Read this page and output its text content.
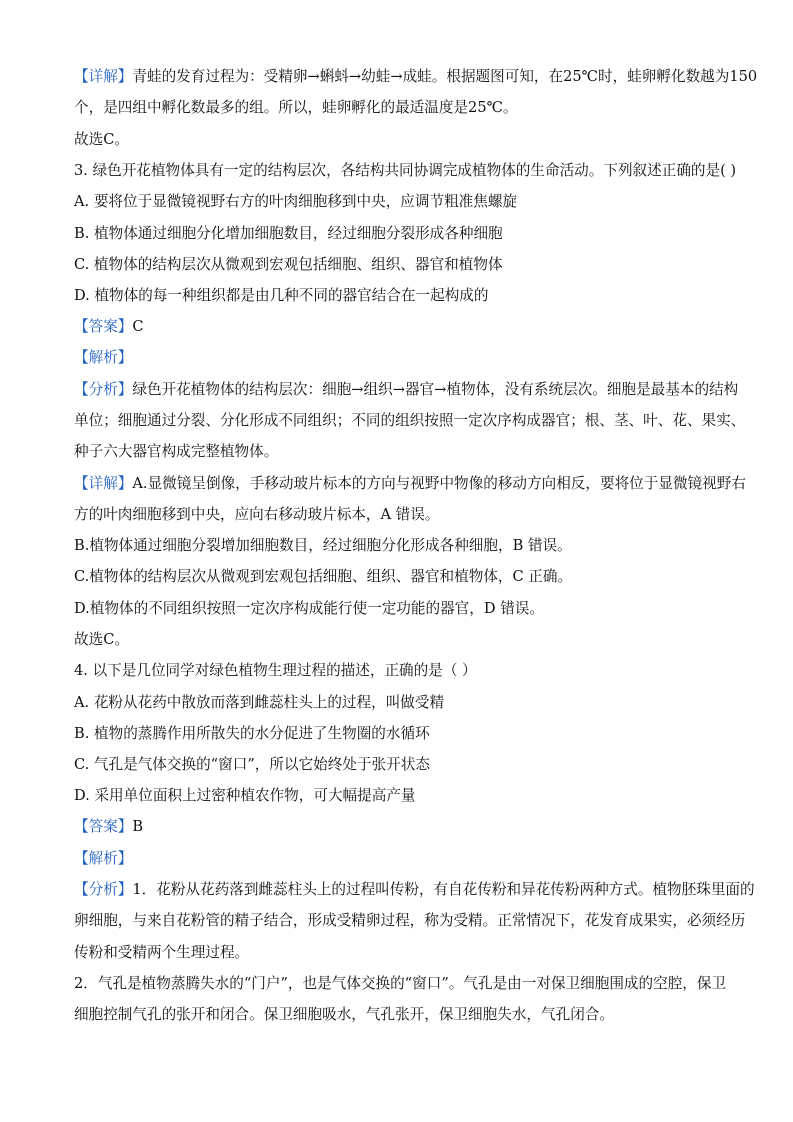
【详解】青蛙的发育过程为：受精卵→蝌蚪→幼蛙→成蛙。根据题图可知，在25℃时，蛙卵孵化数越为150
个，是四组中孵化数最多的组。所以，蛙卵孵化的最适温度是25℃。
故选C。
3. 绿色开花植物体具有一定的结构层次，各结构共同协调完成植物体的生命活动。下列叙述正确的是( )
A. 要将位于显微镜视野右方的叶肉细胞移到中央，应调节粗准焦螺旋
B. 植物体通过细胞分化增加细胞数目，经过细胞分裂形成各种细胞
C. 植物体的结构层次从微观到宏观包括细胞、组织、器官和植物体
D. 植物体的每一种组织都是由几种不同的器官结合在一起构成的
【答案】C
【解析】
【分析】绿色开花植物体的结构层次：细胞→组织→器官→植物体，没有系统层次。细胞是最基本的结构
单位；细胞通过分裂、分化形成不同组织；不同的组织按照一定次序构成器官；根、茎、叶、花、果实、
种子六大器官构成完整植物体。
【详解】A.显微镜呈倒像，手移动玻片标本的方向与视野中物像的移动方向相反，要将位于显微镜视野右
方的叶肉细胞移到中央，应向右移动玻片标本，A 错误。
B.植物体通过细胞分裂增加细胞数目，经过细胞分化形成各种细胞，B 错误。
C.植物体的结构层次从微观到宏观包括细胞、组织、器官和植物体，C 正确。
D.植物体的不同组织按照一定次序构成能行使一定功能的器官，D 错误。
故选C。
4. 以下是几位同学对绿色植物生理过程的描述，正确的是（ ）
A. 花粉从花药中散放而落到雌蕊柱头上的过程，叫做受精
B. 植物的蒸腾作用所散失的水分促进了生物圈的水循环
C. 气孔是气体交换的“窗口”，所以它始终处于张开状态
D. 采用单位面积上过密种植农作物，可大幅提高产量
【答案】B
【解析】
【分析】1．花粉从花药落到雌蕊柱头上的过程叫传粉，有自花传粉和异花传粉两种方式。植物胚珠里面的
卵细胞，与来自花粉管的精子结合，形成受精卵过程，称为受精。正常情况下，花发育成果实，必须经历
传粉和受精两个生理过程。
2．气孔是植物蒸腾失水的“门户”，也是气体交换的“窗口”。气孔是由一对保卫细胞围成的空腔，保卫
细胞控制气孔的张开和闭合。保卫细胞吸水，气孔张开，保卫细胞失水，气孔闭合。
